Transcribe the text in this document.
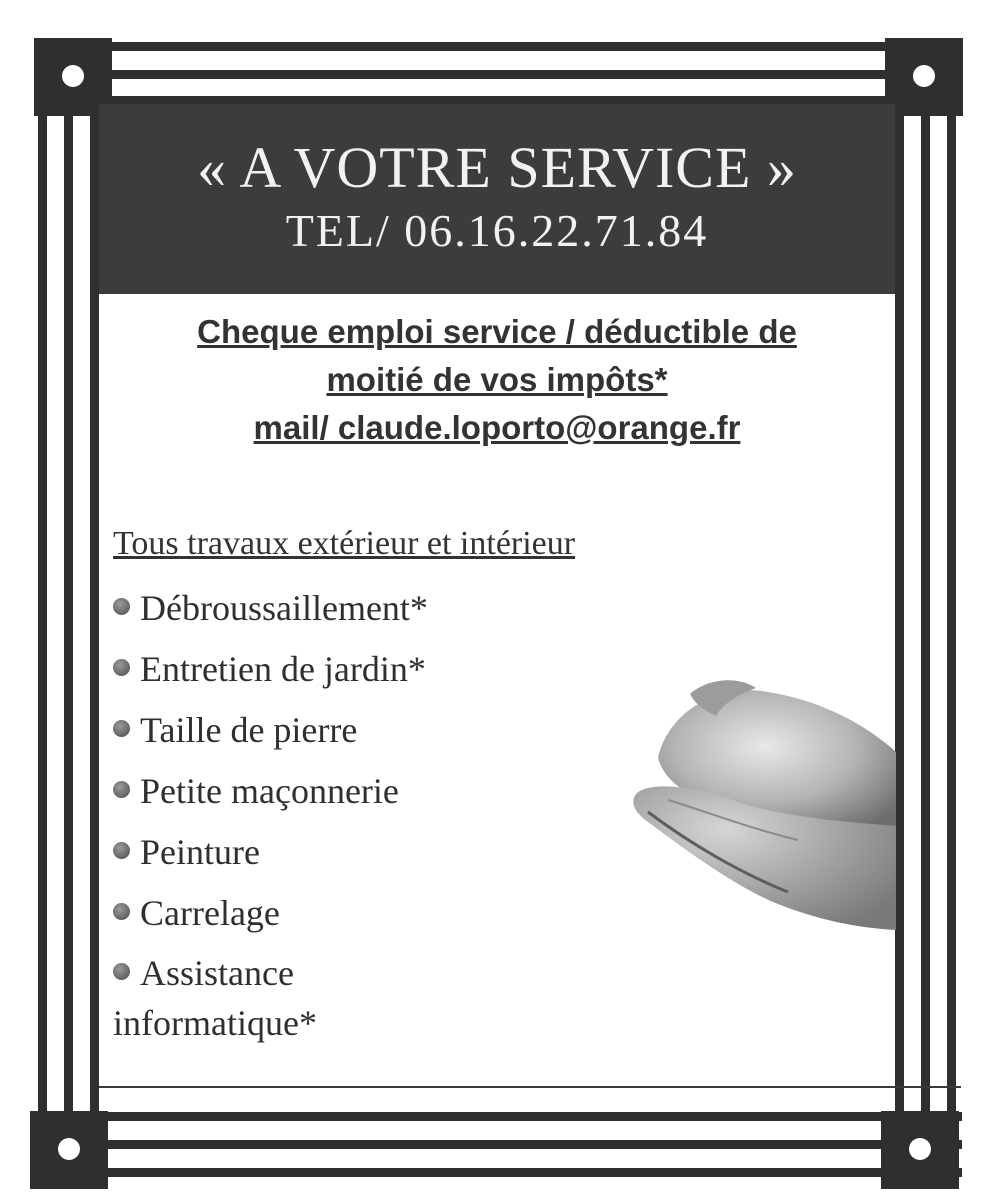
« A VOTRE SERVICE »
TEL/ 06.16.22.71.84
Cheque emploi service / déductible de
moitié de vos impôts*
mail/ claude.loporto@orange.fr
Tous travaux extérieur et intérieur
Débroussaillement*
Entretien de jardin*
Taille de pierre
Petite maçonnerie
Peinture
Carrelage
Assistance informatique*
